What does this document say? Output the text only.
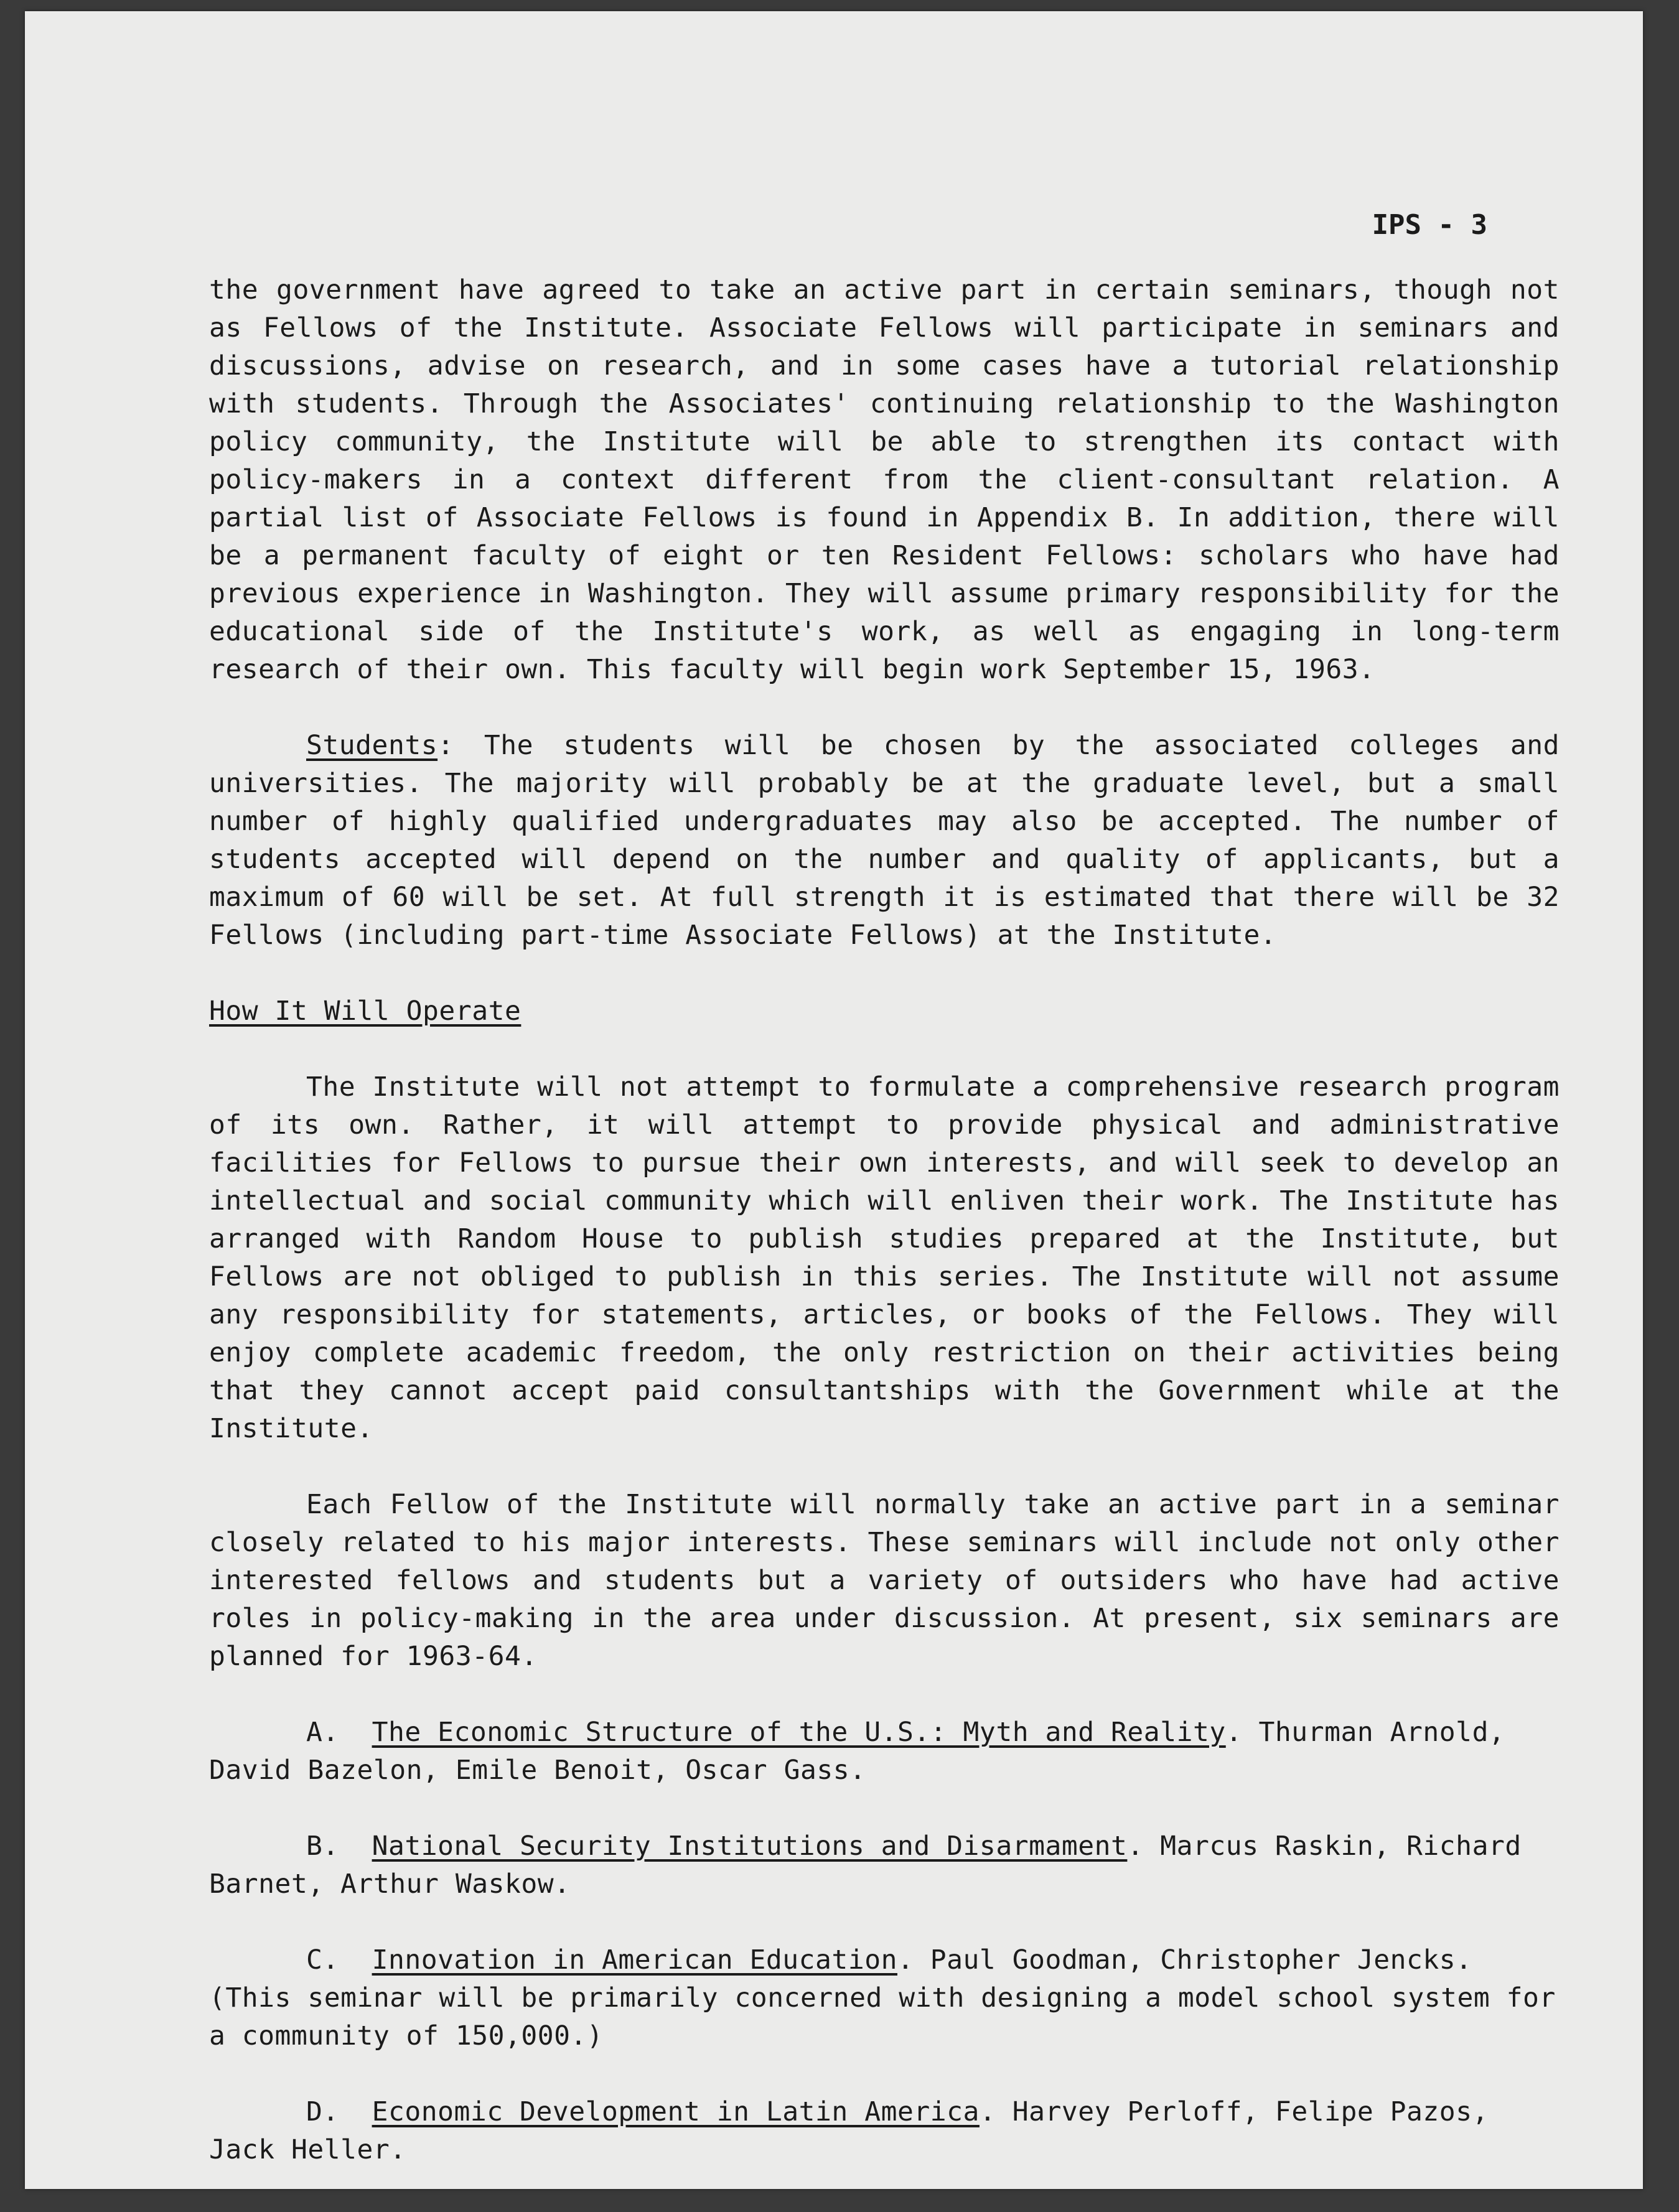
IPS - 3

the government have agreed to take an active part in certain seminars, though not as Fellows of the Institute. Associate Fellows will participate in seminars and discussions, advise on research, and in some cases have a tutorial relationship with students. Through the Associates' continuing relationship to the Washington policy community, the Institute will be able to strengthen its contact with policy-makers in a context different from the client-consultant relation. A partial list of Associate Fellows is found in Appendix B. In addition, there will be a permanent faculty of eight or ten Resident Fellows: scholars who have had previous experience in Washington. They will assume primary responsibility for the educational side of the Institute's work, as well as engaging in long-term research of their own. This faculty will begin work September 15, 1963.

Students: The students will be chosen by the associated colleges and universities. The majority will probably be at the graduate level, but a small number of highly qualified undergraduates may also be accepted. The number of students accepted will depend on the number and quality of applicants, but a maximum of 60 will be set. At full strength it is estimated that there will be 32 Fellows (including part-time Associate Fellows) at the Institute.

How It Will Operate

The Institute will not attempt to formulate a comprehensive research program of its own. Rather, it will attempt to provide physical and administrative facilities for Fellows to pursue their own interests, and will seek to develop an intellectual and social community which will enliven their work. The Institute has arranged with Random House to publish studies prepared at the Institute, but Fellows are not obliged to publish in this series. The Institute will not assume any responsibility for statements, articles, or books of the Fellows. They will enjoy complete academic freedom, the only restriction on their activities being that they cannot accept paid consultantships with the Government while at the Institute.

Each Fellow of the Institute will normally take an active part in a seminar closely related to his major interests. These seminars will include not only other interested fellows and students but a variety of outsiders who have had active roles in policy-making in the area under discussion. At present, six seminars are planned for 1963-64.

A. The Economic Structure of the U.S.: Myth and Reality. Thurman Arnold, David Bazelon, Emile Benoit, Oscar Gass.

B. National Security Institutions and Disarmament. Marcus Raskin, Richard Barnet, Arthur Waskow.

C. Innovation in American Education. Paul Goodman, Christopher Jencks. (This seminar will be primarily concerned with designing a model school system for a community of 150,000.)

D. Economic Development in Latin America. Harvey Perloff, Felipe Pazos, Jack Heller.
